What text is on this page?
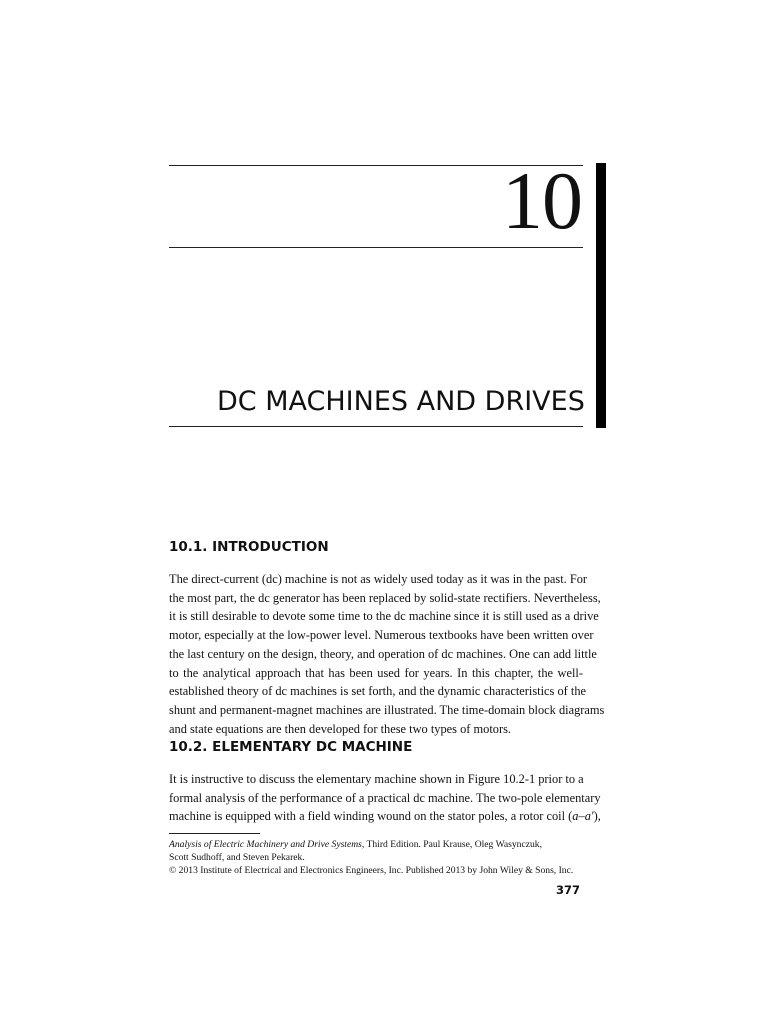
10
DC MACHINES AND DRIVES
10.1. INTRODUCTION
The direct-current (dc) machine is not as widely used today as it was in the past. For
the most part, the dc generator has been replaced by solid-state rectifiers. Nevertheless,
it is still desirable to devote some time to the dc machine since it is still used as a drive
motor, especially at the low-power level. Numerous textbooks have been written over
the last century on the design, theory, and operation of dc machines. One can add little
to the analytical approach that has been used for years. In this chapter, the well-
established theory of dc machines is set forth, and the dynamic characteristics of the
shunt and permanent-magnet machines are illustrated. The time-domain block diagrams
and state equations are then developed for these two types of motors.
10.2. ELEMENTARY DC MACHINE
It is instructive to discuss the elementary machine shown in Figure 10.2-1 prior to a
formal analysis of the performance of a practical dc machine. The two-pole elementary
machine is equipped with a field winding wound on the stator poles, a rotor coil (a–a′),
Analysis of Electric Machinery and Drive Systems, Third Edition. Paul Krause, Oleg Wasynczuk,
Scott Sudhoff, and Steven Pekarek.
© 2013 Institute of Electrical and Electronics Engineers, Inc. Published 2013 by John Wiley & Sons, Inc.
377
